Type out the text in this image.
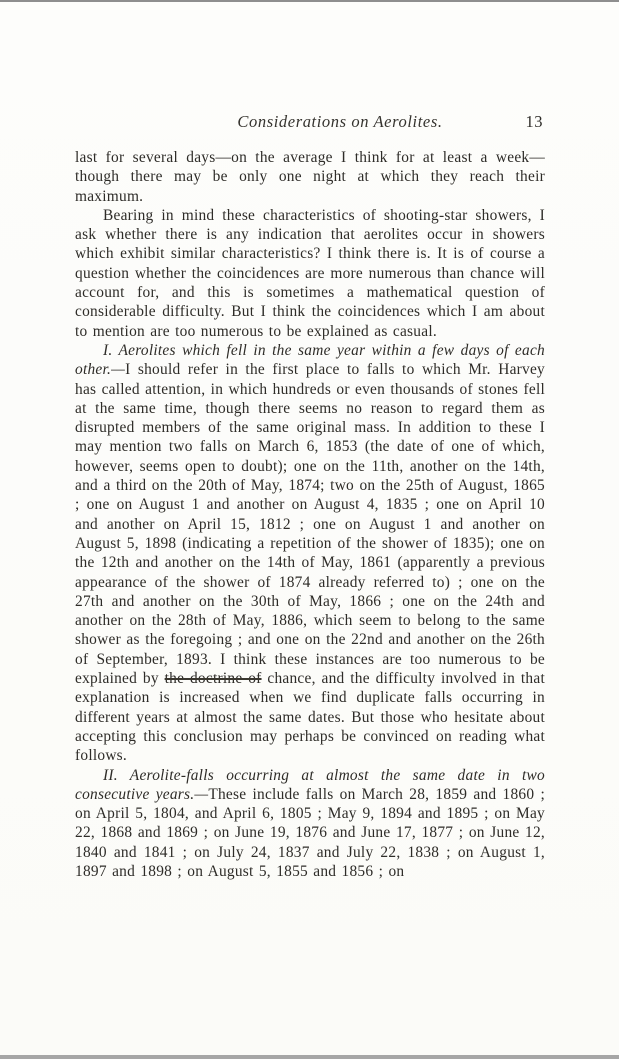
Considerations on Aerolites.	13

last for several days—on the average I think for at least a week—though there may be only one night at which they reach their maximum.

Bearing in mind these characteristics of shooting-star showers, I ask whether there is any indication that aerolites occur in showers which exhibit similar characteristics? I think there is. It is of course a question whether the coincidences are more numerous than chance will account for, and this is sometimes a mathematical question of considerable difficulty. But I think the coincidences which I am about to mention are too numerous to be explained as casual.

I. Aerolites which fell in the same year within a few days of each other.—I should refer in the first place to falls to which Mr. Harvey has called attention, in which hundreds or even thousands of stones fell at the same time, though there seems no reason to regard them as disrupted members of the same original mass. In addition to these I may mention two falls on March 6, 1853 (the date of one of which, however, seems open to doubt); one on the 11th, another on the 14th, and a third on the 20th of May, 1874; two on the 25th of August, 1865 ; one on August 1 and another on August 4, 1835 ; one on April 10 and another on April 15, 1812 ; one on August 1 and another on August 5, 1898 (indicating a repetition of the shower of 1835); one on the 12th and another on the 14th of May, 1861 (apparently a previous appearance of the shower of 1874 already referred to) ; one on the 27th and another on the 30th of May, 1866 ; one on the 24th and another on the 28th of May, 1886, which seem to belong to the same shower as the foregoing ; and one on the 22nd and another on the 26th of September, 1893. I think these instances are too numerous to be explained by the doctrine of chance, and the difficulty involved in that explanation is increased when we find duplicate falls occurring in different years at almost the same dates. But those who hesitate about accepting this conclusion may perhaps be convinced on reading what follows.

II. Aerolite-falls occurring at almost the same date in two consecutive years.—These include falls on March 28, 1859 and 1860 ; on April 5, 1804, and April 6, 1805 ; May 9, 1894 and 1895 ; on May 22, 1868 and 1869 ; on June 19, 1876 and June 17, 1877 ; on June 12, 1840 and 1841 ; on July 24, 1837 and July 22, 1838 ; on August 1, 1897 and 1898 ; on August 5, 1855 and 1856 ; on
